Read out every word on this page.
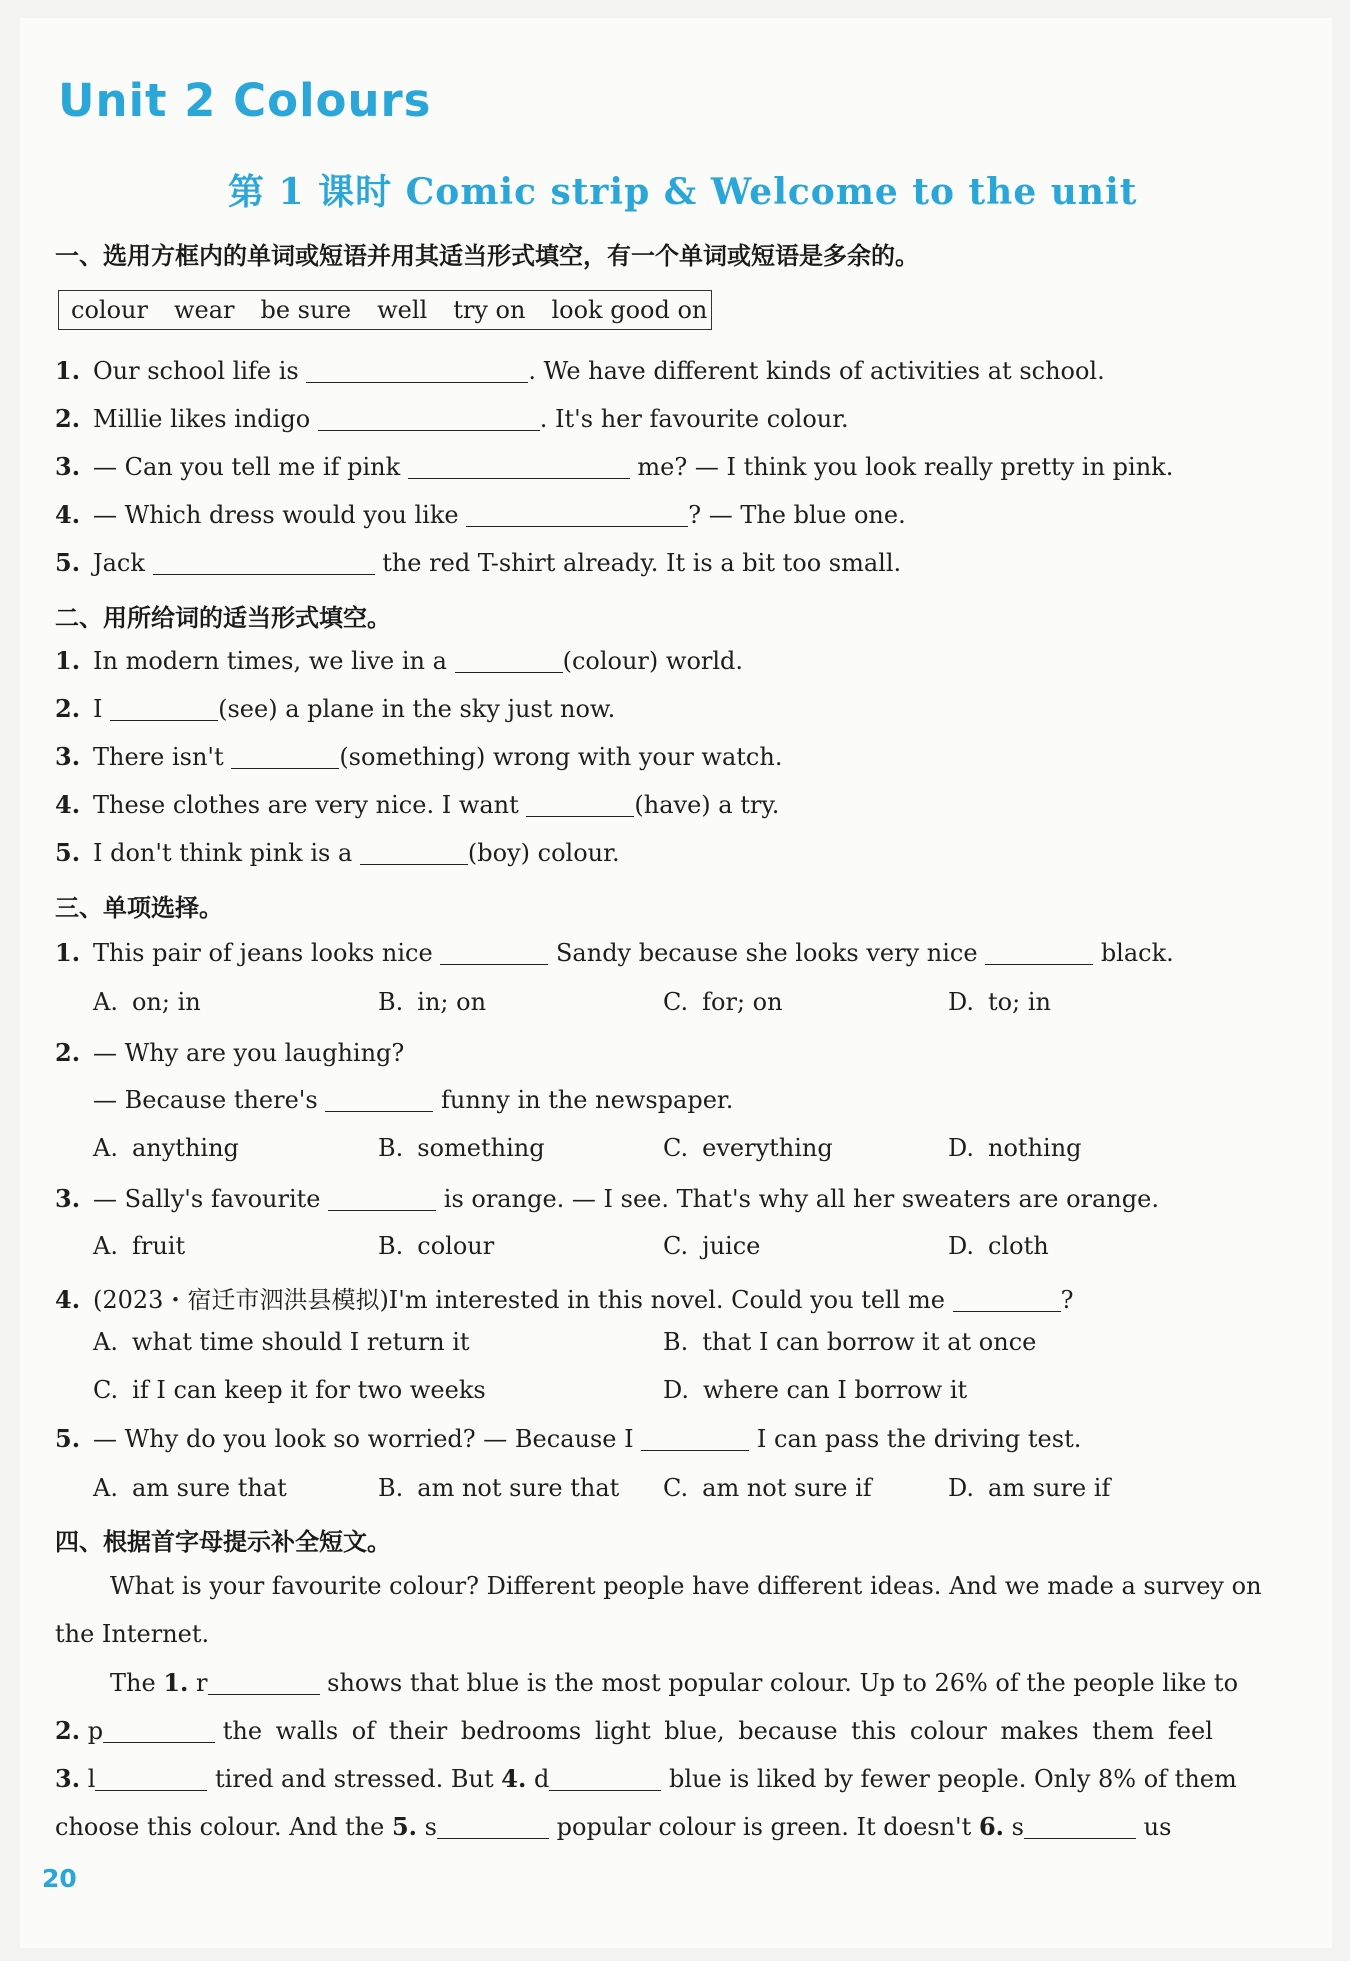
Unit 2 Colours
第 1 课时 Comic strip & Welcome to the unit
一、选用方框内的单词或短语并用其适当形式填空，有一个单词或短语是多余的。
colour wear be sure well try on look good on
1. Our school life is	. We have different kinds of activities at school.
2. Millie likes indigo	. It's her favourite colour.
3. — Can you tell me if pink	me? — I think you look really pretty in pink.
4. — Which dress would you like	? — The blue one.
5. Jack	the red T-shirt already. It is a bit too small.
二、用所给词的适当形式填空。
1. In modern times, we live in a	(colour) world.
2. I	(see) a plane in the sky just now.
3. There isn't	(something) wrong with your watch.
4. These clothes are very nice. I want	(have) a try.
5. I don't think pink is a	(boy) colour.
三、单项选择。
1. This pair of jeans looks nice	Sandy because she looks very nice	black.
A. on; in	B. in; on	C. for; on	D. to; in
2. — Why are you laughing?
— Because there's	funny in the newspaper.
A. anything	B. something	C. everything	D. nothing
3. — Sally's favourite	is orange. — I see. That's why all her sweaters are orange.
A. fruit	B. colour	C. juice	D. cloth
4. (2023・宿迁市泗洪县模拟)I'm interested in this novel. Could you tell me	?
A. what time should I return it	B. that I can borrow it at once
C. if I can keep it for two weeks	D. where can I borrow it
5. — Why do you look so worried? — Because I	I can pass the driving test.
A. am sure that	B. am not sure that C. am not sure if	D. am sure if
四、根据首字母提示补全短文。
What is your favourite colour? Different people have different ideas. And we made a survey on
the Internet.
The 1. r	shows that blue is the most popular colour. Up to 26% of the people like to
2. p	the walls of their bedrooms light blue, because this colour makes them feel
3. l	tired and stressed. But 4. d	blue is liked by fewer people. Only 8% of them
choose this colour. And the 5. s	popular colour is green. It doesn't 6. s	us
20
